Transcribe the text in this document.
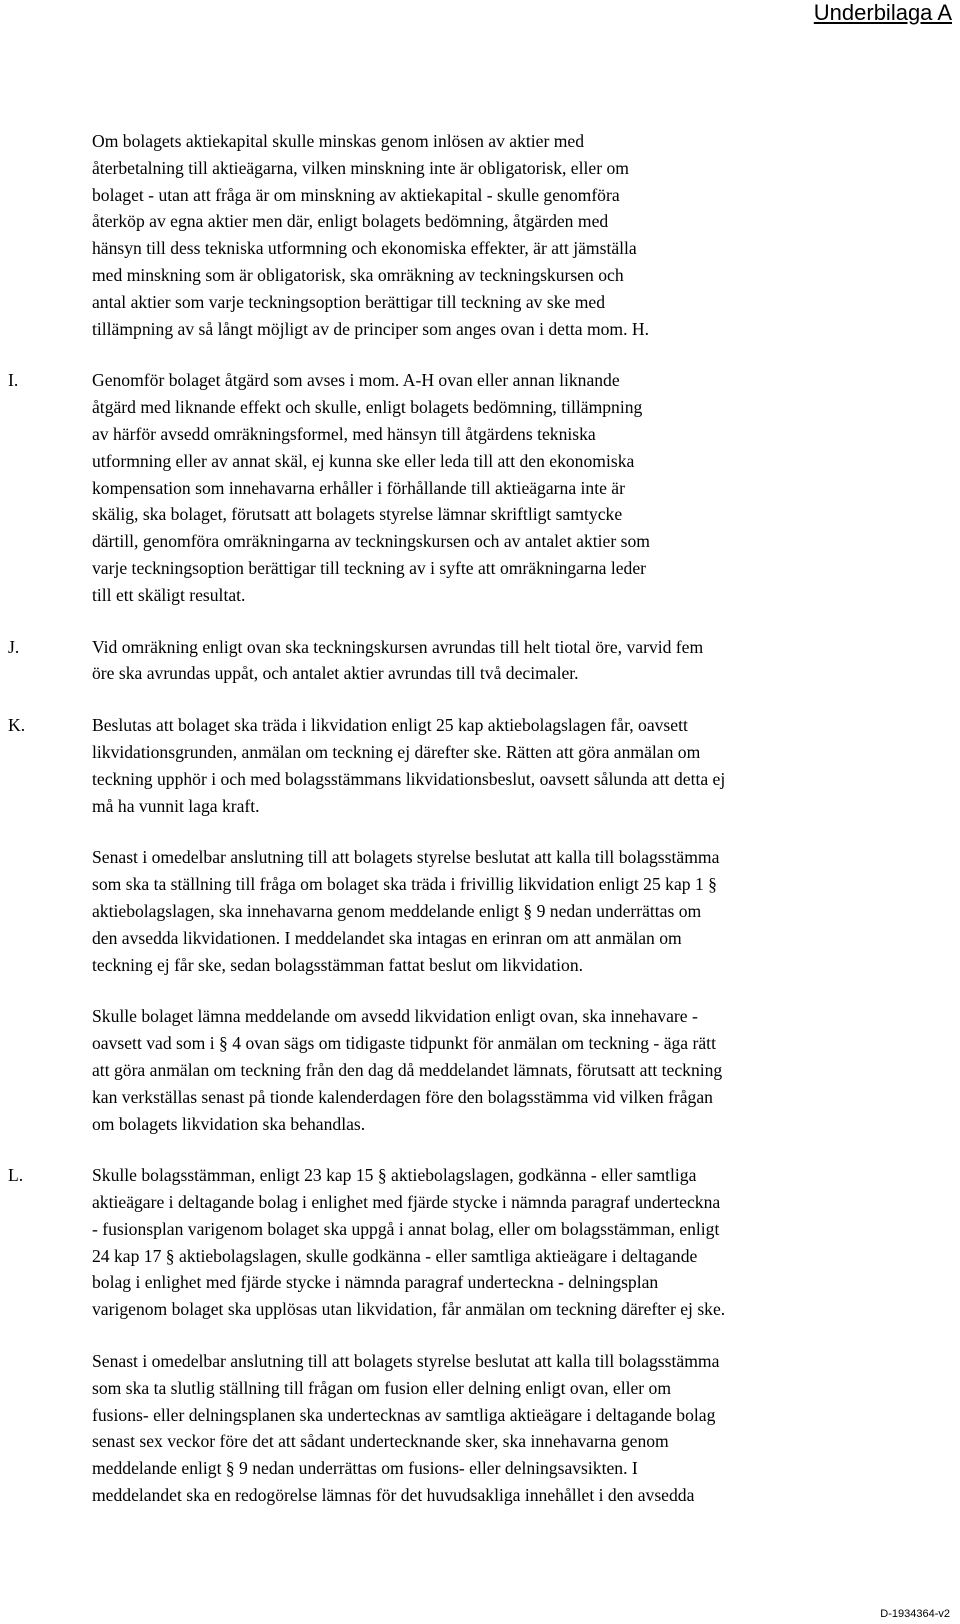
Underbilaga A

Om bolagets aktiekapital skulle minskas genom inlösen av aktier med
återbetalning till aktieägarna, vilken minskning inte är obligatorisk, eller om
bolaget - utan att fråga är om minskning av aktiekapital - skulle genomföra
återköp av egna aktier men där, enligt bolagets bedömning, åtgärden med
hänsyn till dess tekniska utformning och ekonomiska effekter, är att jämställa
med minskning som är obligatorisk, ska omräkning av teckningskursen och
antal aktier som varje teckningsoption berättigar till teckning av ske med
tillämpning av så långt möjligt av de principer som anges ovan i detta mom. H.

I.	Genomför bolaget åtgärd som avses i mom. A-H ovan eller annan liknande
åtgärd med liknande effekt och skulle, enligt bolagets bedömning, tillämpning
av härför avsedd omräkningsformel, med hänsyn till åtgärdens tekniska
utformning eller av annat skäl, ej kunna ske eller leda till att den ekonomiska
kompensation som innehavarna erhåller i förhållande till aktieägarna inte är
skälig, ska bolaget, förutsatt att bolagets styrelse lämnar skriftligt samtycke
därtill, genomföra omräkningarna av teckningskursen och av antalet aktier som
varje teckningsoption berättigar till teckning av i syfte att omräkningarna leder
till ett skäligt resultat.

J.	Vid omräkning enligt ovan ska teckningskursen avrundas till helt tiotal öre, varvid fem
öre ska avrundas uppåt, och antalet aktier avrundas till två decimaler.

K.	Beslutas att bolaget ska träda i likvidation enligt 25 kap aktiebolagslagen får, oavsett
likvidationsgrunden, anmälan om teckning ej därefter ske. Rätten att göra anmälan om
teckning upphör i och med bolagsstämmans likvidationsbeslut, oavsett sålunda att detta ej
må ha vunnit laga kraft.

Senast i omedelbar anslutning till att bolagets styrelse beslutat att kalla till bolagsstämma
som ska ta ställning till fråga om bolaget ska träda i frivillig likvidation enligt 25 kap 1 §
aktiebolagslagen, ska innehavarna genom meddelande enligt § 9 nedan underrättas om
den avsedda likvidationen. I meddelandet ska intagas en erinran om att anmälan om
teckning ej får ske, sedan bolagsstämman fattat beslut om likvidation.

Skulle bolaget lämna meddelande om avsedd likvidation enligt ovan, ska innehavare -
oavsett vad som i § 4 ovan sägs om tidigaste tidpunkt för anmälan om teckning - äga rätt
att göra anmälan om teckning från den dag då meddelandet lämnats, förutsatt att teckning
kan verkställas senast på tionde kalenderdagen före den bolagsstämma vid vilken frågan
om bolagets likvidation ska behandlas.

L.	Skulle bolagsstämman, enligt 23 kap 15 § aktiebolagslagen, godkänna - eller samtliga
aktieägare i deltagande bolag i enlighet med fjärde stycke i nämnda paragraf underteckna
- fusionsplan varigenom bolaget ska uppgå i annat bolag, eller om bolagsstämman, enligt
24 kap 17 § aktiebolagslagen, skulle godkänna - eller samtliga aktieägare i deltagande
bolag i enlighet med fjärde stycke i nämnda paragraf underteckna - delningsplan
varigenom bolaget ska upplösas utan likvidation, får anmälan om teckning därefter ej ske.

Senast i omedelbar anslutning till att bolagets styrelse beslutat att kalla till bolagsstämma
som ska ta slutlig ställning till frågan om fusion eller delning enligt ovan, eller om
fusions- eller delningsplanen ska undertecknas av samtliga aktieägare i deltagande bolag
senast sex veckor före det att sådant undertecknande sker, ska innehavarna genom
meddelande enligt § 9 nedan underrättas om fusions- eller delningsavsikten. I
meddelandet ska en redogörelse lämnas för det huvudsakliga innehållet i den avsedda

D-1934364-v2
